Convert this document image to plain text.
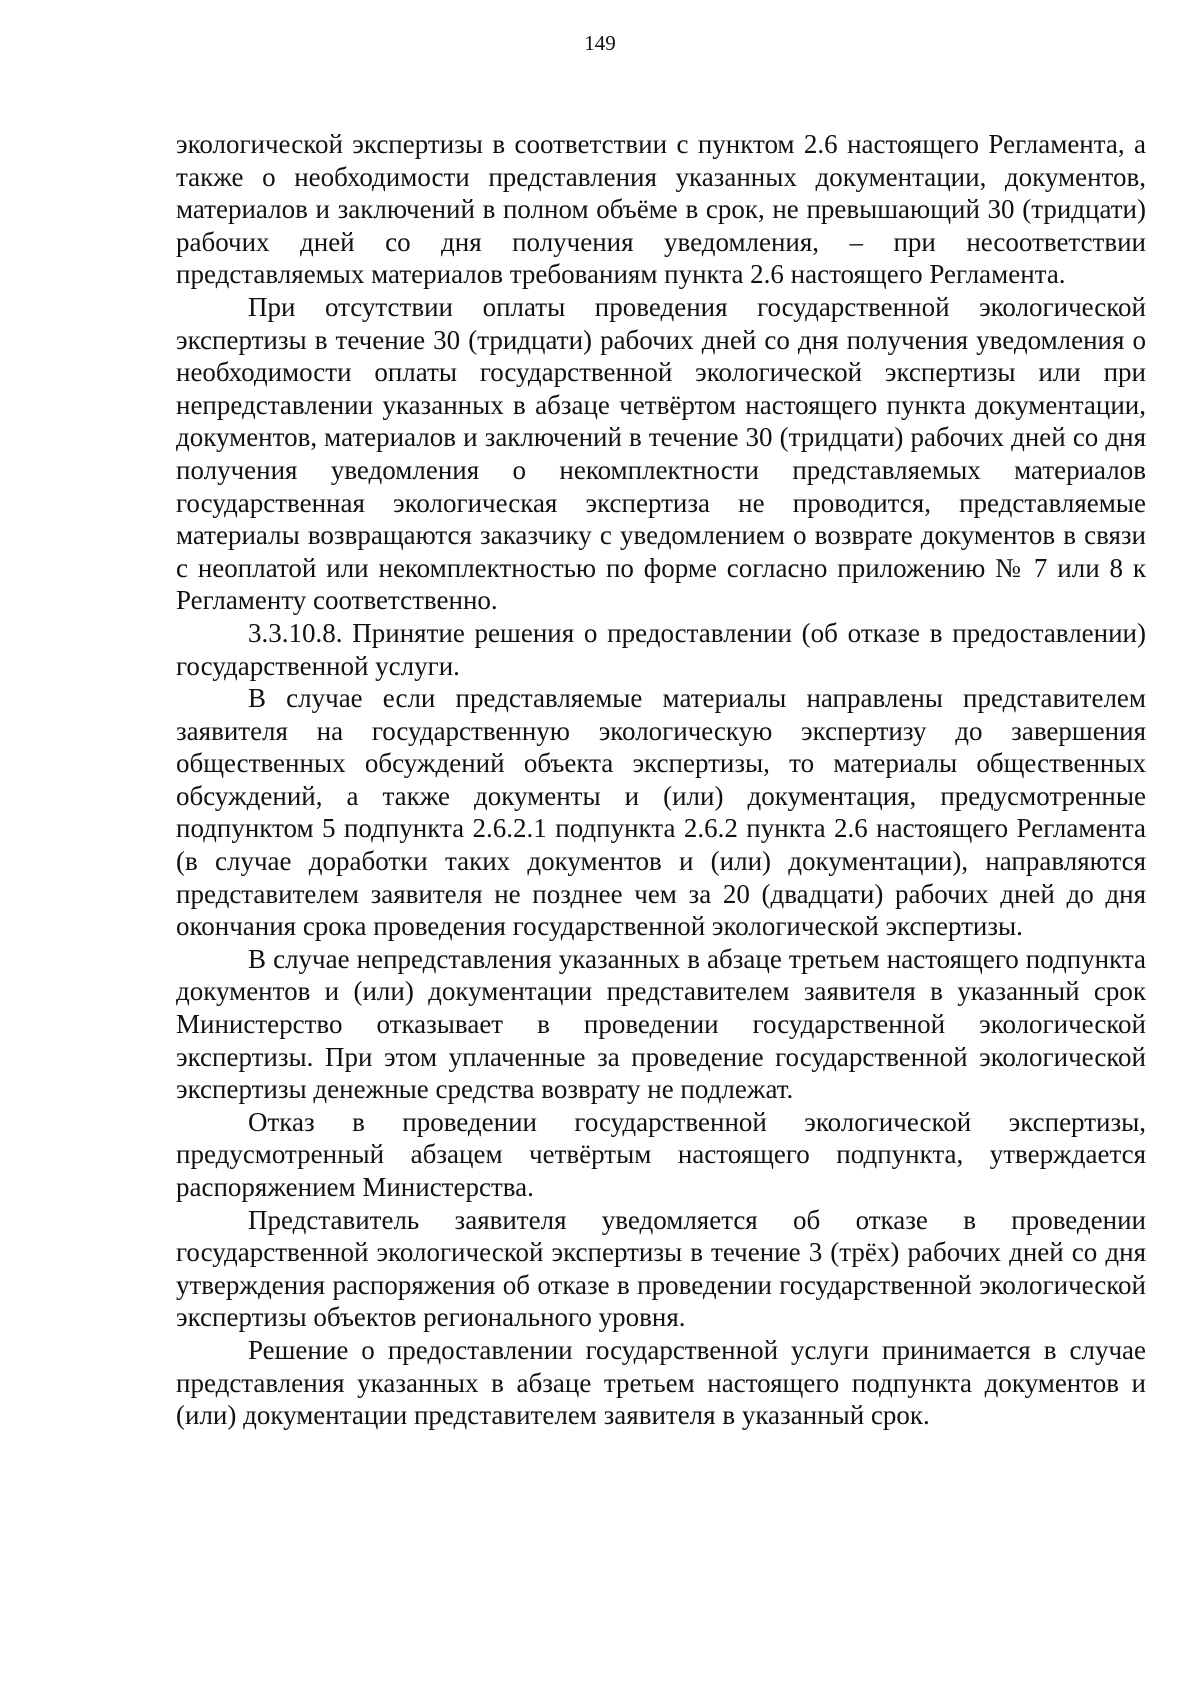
149

экологической экспертизы в соответствии с пунктом 2.6 настоящего Регламента, а также о необходимости представления указанных документации, документов, материалов и заключений в полном объёме в срок, не превышающий 30 (тридцати) рабочих дней со дня получения уведомления, – при несоответствии представляемых материалов требованиям пункта 2.6 настоящего Регламента.

При отсутствии оплаты проведения государственной экологической экспертизы в течение 30 (тридцати) рабочих дней со дня получения уведомления о необходимости оплаты государственной экологической экспертизы или при непредставлении указанных в абзаце четвёртом настоящего пункта документации, документов, материалов и заключений в течение 30 (тридцати) рабочих дней со дня получения уведомления о некомплектности представляемых материалов государственная экологическая экспертиза не проводится, представляемые материалы возвращаются заказчику с уведомлением о возврате документов в связи с неоплатой или некомплектностью по форме согласно приложению № 7 или 8 к Регламенту соответственно.

3.3.10.8. Принятие решения о предоставлении (об отказе в предоставлении) государственной услуги.

В случае если представляемые материалы направлены представителем заявителя на государственную экологическую экспертизу до завершения общественных обсуждений объекта экспертизы, то материалы общественных обсуждений, а также документы и (или) документация, предусмотренные подпунктом 5 подпункта 2.6.2.1 подпункта 2.6.2 пункта 2.6 настоящего Регламента (в случае доработки таких документов и (или) документации), направляются представителем заявителя не позднее чем за 20 (двадцати) рабочих дней до дня окончания срока проведения государственной экологической экспертизы.

В случае непредставления указанных в абзаце третьем настоящего подпункта документов и (или) документации представителем заявителя в указанный срок Министерство отказывает в проведении государственной экологической экспертизы. При этом уплаченные за проведение государственной экологической экспертизы денежные средства возврату не подлежат.

Отказ в проведении государственной экологической экспертизы, предусмотренный абзацем четвёртым настоящего подпункта, утверждается распоряжением Министерства.

Представитель заявителя уведомляется об отказе в проведении государственной экологической экспертизы в течение 3 (трёх) рабочих дней со дня утверждения распоряжения об отказе в проведении государственной экологической экспертизы объектов регионального уровня.

Решение о предоставлении государственной услуги принимается в случае представления указанных в абзаце третьем настоящего подпункта документов и (или) документации представителем заявителя в указанный срок.
